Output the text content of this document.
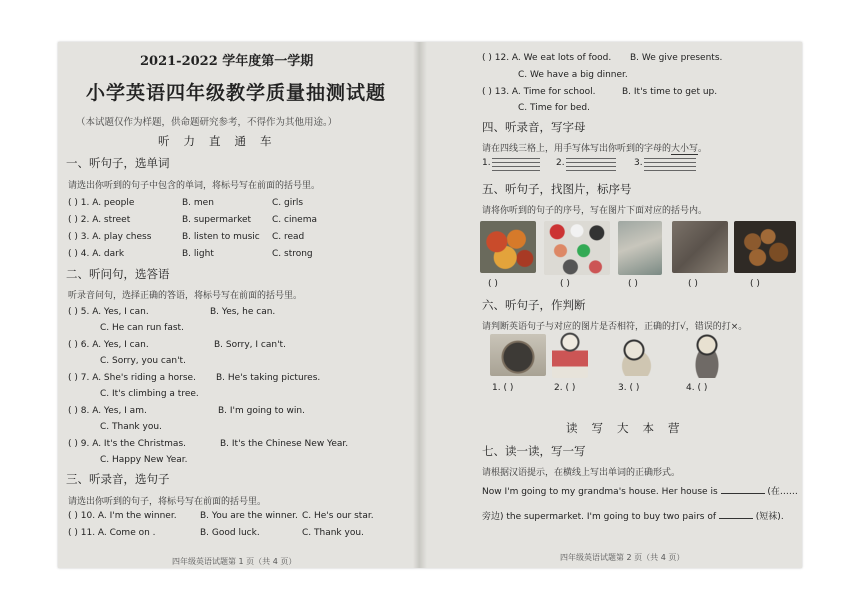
2021-2022 学年度第一学期
小学英语四年级教学质量抽测试题
（本试题仅作为样题，供命题研究参考，不得作为其他用途。）
听力直通车
一、听句子，选单词
请选出你听到的句子中包含的单词，将标号写在前面的括号里。
( ) 1. A. people	B. men	C. girls
( ) 2. A. street	B. supermarket C. cinema
( ) 3. A. play chess	B. listen to music C. read
( ) 4. A. dark	B. light	C. strong
二、听问句，选答语
听录音问句，选择正确的答语，将标号写在前面的括号里。
( ) 5. A. Yes, I can.	B. Yes, he can.
C. He can run fast.
( ) 6. A. Yes, I can.	B. Sorry, I can't.
C. Sorry, you can't.
( ) 7. A. She's riding a horse. B. He's taking pictures.
C. It's climbing a tree.
( ) 8. A. Yes, I am.	B. I'm going to win.
C. Thank you.
( ) 9. A. It's the Christmas.	B. It's the Chinese New Year.
C. Happy New Year.
三、听录音，选句子
请选出你听到的句子，将标号写在前面的括号里。
( ) 10. A. I'm the winner.	B. You are the winner. C. He's our star.
( ) 11. A. Come on .	B. Good luck.	C. Thank you.
四年级英语试题第 1 页（共 4 页）
( ) 12. A. We eat lots of food. B. We give presents.
C. We have a big dinner.
( ) 13. A. Time for school.	B. It's time to get up.
C. Time for bed.
四、听录音，写字母
请在四线三格上，用手写体写出你听到的字母的大小写。
1.	2.	3.
五、听句子，找图片，标序号
请将你听到的句子的序号，写在图片下面对应的括号内。
( )	( )	( )	( )	( )
六、听句子，作判断
请判断英语句子与对应的图片是否相符，正确的打√，错误的打×。
1. ( )	2. ( )	3. ( )	4. ( )
读写大本营
七、读一读，写一写
请根据汉语提示，在横线上写出单词的正确形式。
Now I'm going to my grandma's house. Her house is	(在……
旁边) the supermarket. I'm going to buy two pairs of	(短袜).
四年级英语试题第 2 页（共 4 页）
